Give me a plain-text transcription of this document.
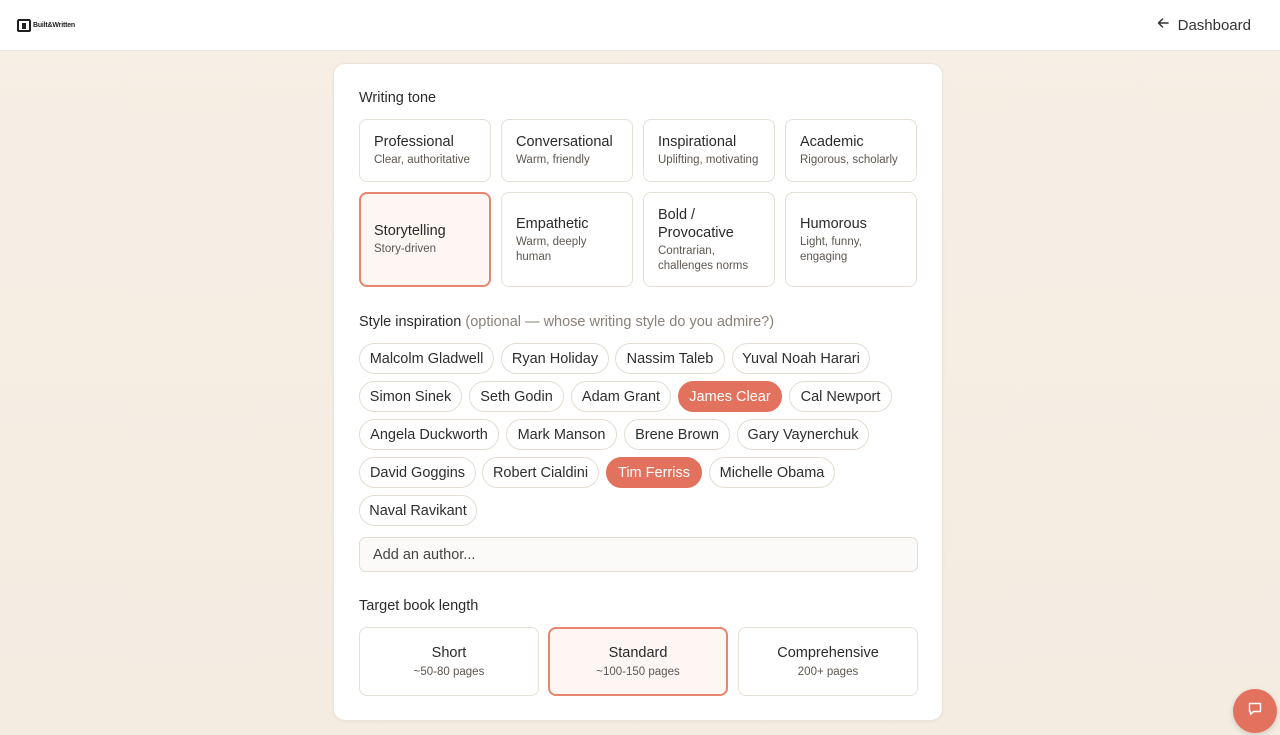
Built&Written	Dashboard
Writing tone
Professional
Clear, authoritative
Conversational
Warm, friendly
Inspirational
Uplifting, motivating
Academic
Rigorous, scholarly
Storytelling
Story-driven
Empathetic
Warm, deeply human
Bold / Provocative
Contrarian, challenges norms
Humorous
Light, funny, engaging
Style inspiration (optional — whose writing style do you admire?)
Malcolm Gladwell	Ryan Holiday	Nassim Taleb	Yuval Noah Harari
Simon Sinek	Seth Godin	Adam Grant	James Clear	Cal Newport
Angela Duckworth	Mark Manson	Brene Brown	Gary Vaynerchuk
David Goggins	Robert Cialdini	Tim Ferriss	Michelle Obama
Naval Ravikant
Add an author...
Target book length
Short
~50-80 pages
Standard
~100-150 pages
Comprehensive
200+ pages
